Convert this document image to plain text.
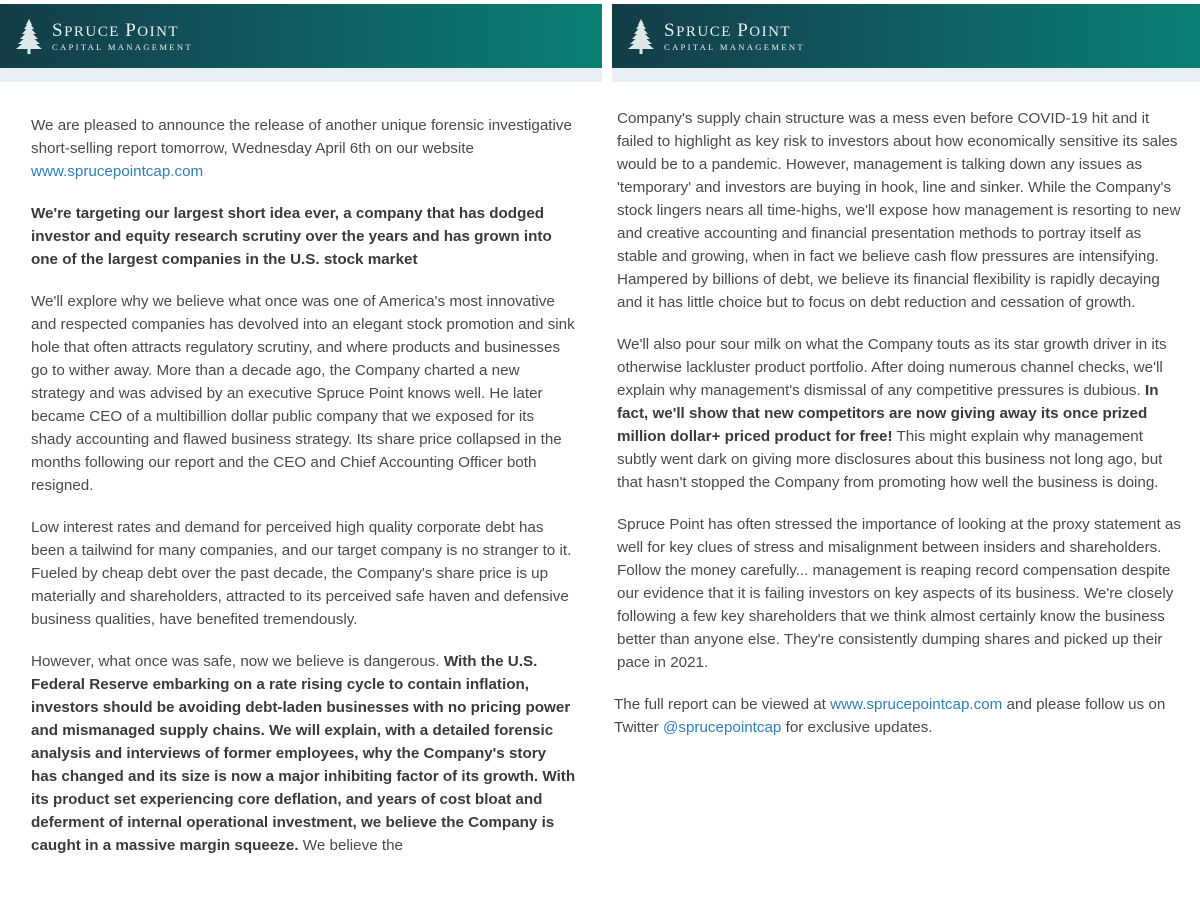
SPRUCE POINT
CAPITAL MANAGEMENT

We are pleased to announce the release of another unique forensic investigative short-selling report tomorrow, Wednesday April 6th on our website www.sprucepointcap.com

We're targeting our largest short idea ever, a company that has dodged investor and equity research scrutiny over the years and has grown into one of the largest companies in the U.S. stock market

We'll explore why we believe what once was one of America's most innovative and respected companies has devolved into an elegant stock promotion and sink hole that often attracts regulatory scrutiny, and where products and businesses go to wither away. More than a decade ago, the Company charted a new strategy and was advised by an executive Spruce Point knows well. He later became CEO of a multibillion dollar public company that we exposed for its shady accounting and flawed business strategy. Its share price collapsed in the months following our report and the CEO and Chief Accounting Officer both resigned.

Low interest rates and demand for perceived high quality corporate debt has been a tailwind for many companies, and our target company is no stranger to it. Fueled by cheap debt over the past decade, the Company's share price is up materially and shareholders, attracted to its perceived safe haven and defensive business qualities, have benefited tremendously.

However, what once was safe, now we believe is dangerous. With the U.S. Federal Reserve embarking on a rate rising cycle to contain inflation, investors should be avoiding debt-laden businesses with no pricing power and mismanaged supply chains. We will explain, with a detailed forensic analysis and interviews of former employees, why the Company's story has changed and its size is now a major inhibiting factor of its growth. With its product set experiencing core deflation, and years of cost bloat and deferment of internal operational investment, we believe the Company is caught in a massive margin squeeze. We believe the

SPRUCE POINT
CAPITAL MANAGEMENT

Company's supply chain structure was a mess even before COVID-19 hit and it failed to highlight as key risk to investors about how economically sensitive its sales would be to a pandemic. However, management is talking down any issues as 'temporary' and investors are buying in hook, line and sinker. While the Company's stock lingers nears all time-highs, we'll expose how management is resorting to new and creative accounting and financial presentation methods to portray itself as stable and growing, when in fact we believe cash flow pressures are intensifying. Hampered by billions of debt, we believe its financial flexibility is rapidly decaying and it has little choice but to focus on debt reduction and cessation of growth.

We'll also pour sour milk on what the Company touts as its star growth driver in its otherwise lackluster product portfolio. After doing numerous channel checks, we'll explain why management's dismissal of any competitive pressures is dubious. In fact, we'll show that new competitors are now giving away its once prized million dollar+ priced product for free! This might explain why management subtly went dark on giving more disclosures about this business not long ago, but that hasn't stopped the Company from promoting how well the business is doing.

Spruce Point has often stressed the importance of looking at the proxy statement as well for key clues of stress and misalignment between insiders and shareholders. Follow the money carefully... management is reaping record compensation despite our evidence that it is failing investors on key aspects of its business. We're closely following a few key shareholders that we think almost certainly know the business better than anyone else. They're consistently dumping shares and picked up their pace in 2021.

The full report can be viewed at www.sprucepointcap.com and please follow us on Twitter @sprucepointcap for exclusive updates.
